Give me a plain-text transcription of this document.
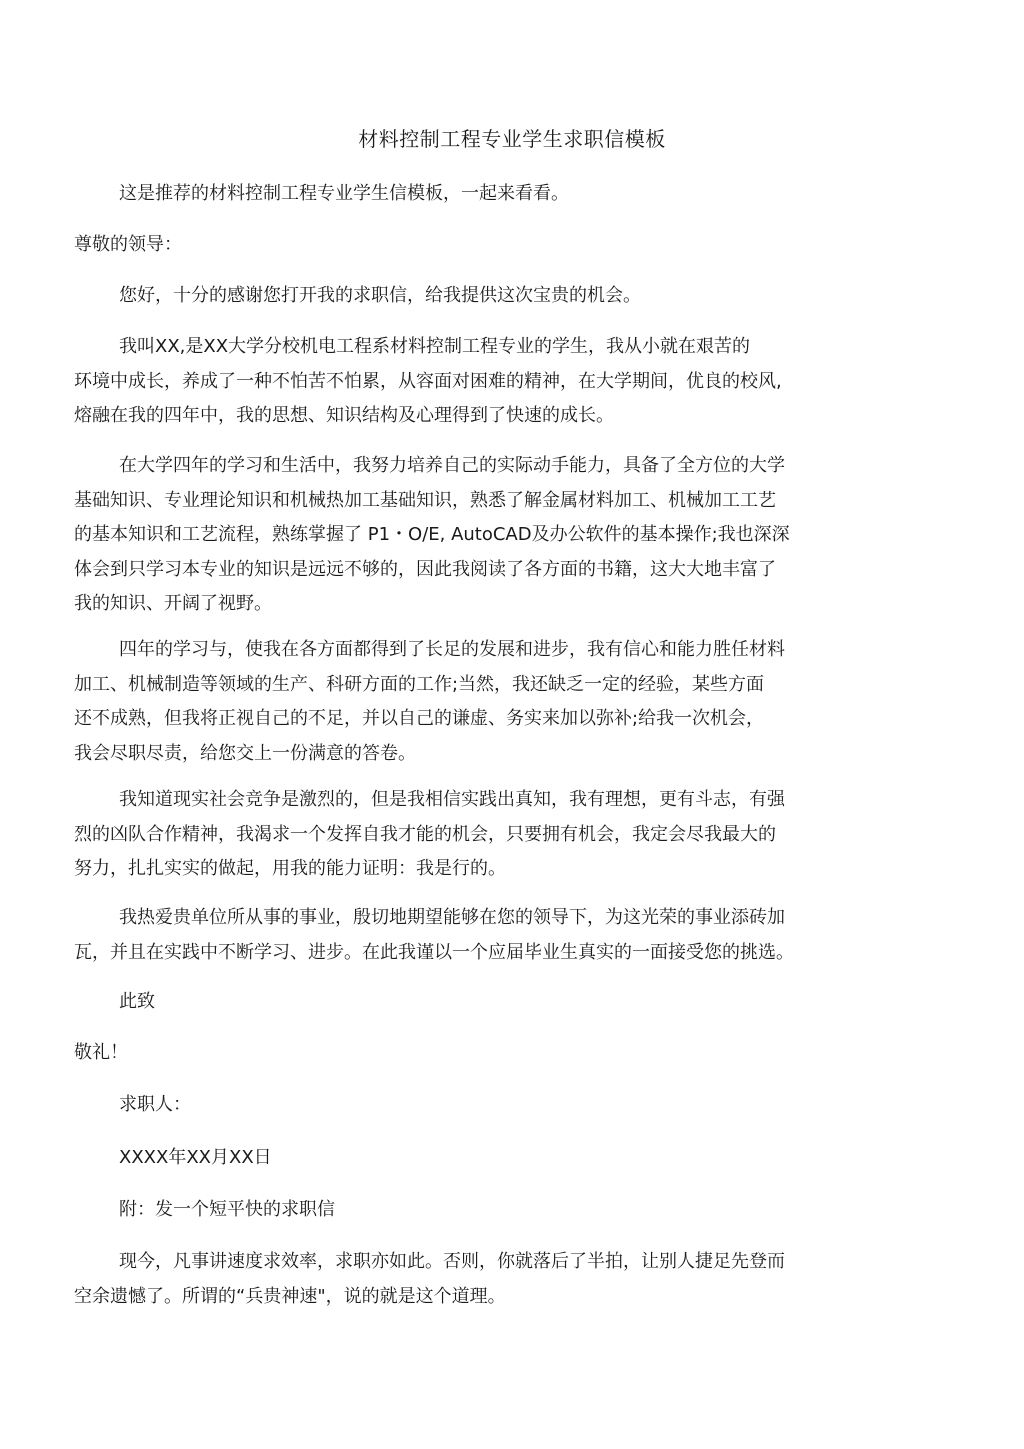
材料控制工程专业学生求职信模板

这是推荐的材料控制工程专业学生信模板，一起来看看。

尊敬的领导：

您好，十分的感谢您打开我的求职信，给我提供这次宝贵的机会。

我叫XX,是XX大学分校机电工程系材料控制工程专业的学生，我从小就在艰苦的
环境中成长，养成了一种不怕苦不怕累，从容面对困难的精神，在大学期间，优良的校风,
熔融在我的四年中，我的思想、知识结构及心理得到了快速的成长。

在大学四年的学习和生活中，我努力培养自己的实际动手能力，具备了全方位的大学
基础知识、专业理论知识和机械热加工基础知识，熟悉了解金属材料加工、机械加工工艺
的基本知识和工艺流程，熟练掌握了 P1・O/E, AutoCAD及办公软件的基本操作;我也深深
体会到只学习本专业的知识是远远不够的，因此我阅读了各方面的书籍，这大大地丰富了
我的知识、开阔了视野。

四年的学习与，使我在各方面都得到了长足的发展和进步，我有信心和能力胜任材料
加工、机械制造等领域的生产、科研方面的工作;当然，我还缺乏一定的经验，某些方面
还不成熟，但我将正视自己的不足，并以自己的谦虚、务实来加以弥补;给我一次机会，
我会尽职尽责，给您交上一份满意的答卷。

我知道现实社会竞争是激烈的，但是我相信实践出真知，我有理想，更有斗志，有强
烈的凶队合作精神，我渴求一个发挥自我才能的机会，只要拥有机会，我定会尽我最大的
努力，扎扎实实的做起，用我的能力证明：我是行的。

我热爱贵单位所从事的事业，殷切地期望能够在您的领导下，为这光荣的事业添砖加
瓦，并且在实践中不断学习、进步。在此我谨以一个应届毕业生真实的一面接受您的挑选。

此致

敬礼！

求职人：

XXXX年XX月XX日

附：发一个短平快的求职信

现今，凡事讲速度求效率，求职亦如此。否则，你就落后了半拍，让别人捷足先登而
空余遗憾了。所谓的“兵贵神速"，说的就是这个道理。
